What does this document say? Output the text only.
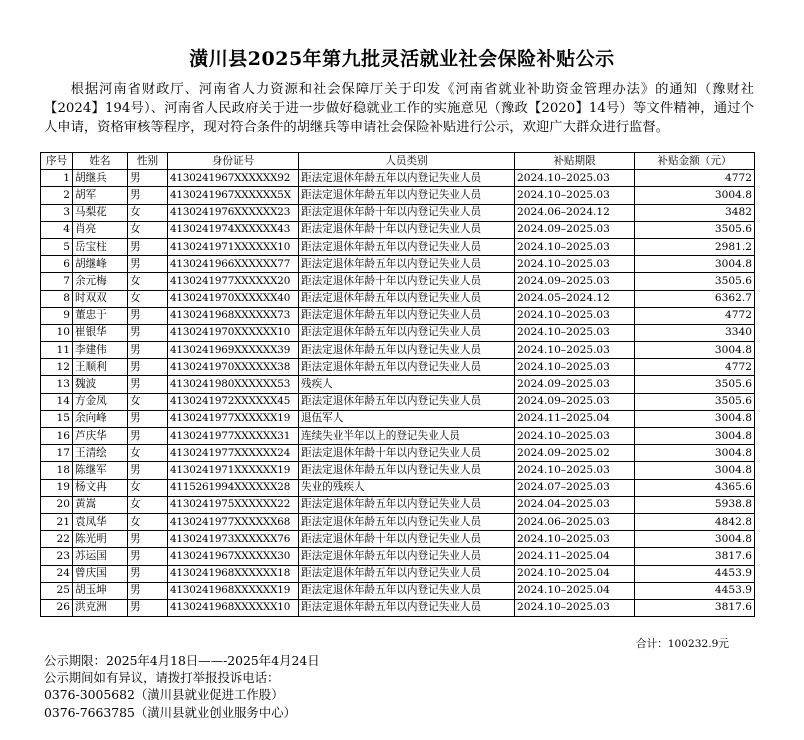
潢川县2025年第九批灵活就业社会保险补贴公示
根据河南省财政厅、河南省人力资源和社会保障厅关于印发《河南省就业补助资金管理办法》的通知（豫财社【2024】194号）、河南省人民政府关于进一步做好稳就业工作的实施意见（豫政【2020】14号）等文件精神，通过个人申请，资格审核等程序，现对符合条件的胡继兵等申请社会保险补贴进行公示，欢迎广大群众进行监督。
序号	姓名	性别	身份证号	人员类别	补贴期限	补贴金额（元）
1	胡继兵	男	4130241967XXXXXX92	距法定退休年龄五年以内登记失业人员	2024.10–2025.03	4772
2	胡军	男	4130241967XXXXXX5X	距法定退休年龄五年以内登记失业人员	2024.10–2025.03	3004.8
3	马梨花	女	4130241976XXXXXX23	距法定退休年龄十年以内登记失业人员	2024.06–2024.12	3482
4	肖亮	女	4130241974XXXXXX43	距法定退休年龄十年以内登记失业人员	2024.09–2025.03	3505.6
5	岳宝柱	男	4130241971XXXXXX10	距法定退休年龄五年以内登记失业人员	2024.10–2025.03	2981.2
6	胡继峰	男	4130241966XXXXXX77	距法定退休年龄五年以内登记失业人员	2024.10–2025.03	3004.8
7	余元梅	女	4130241977XXXXXX20	距法定退休年龄十年以内登记失业人员	2024.09–2025.03	3505.6
8	时双双	女	4130241970XXXXXX40	距法定退休年龄五年以内登记失业人员	2024.05–2024.12	6362.7
9	董忠于	男	4130241968XXXXXX73	距法定退休年龄五年以内登记失业人员	2024.10–2025.03	4772
10	崔银华	男	4130241970XXXXXX10	距法定退休年龄五年以内登记失业人员	2024.10–2025.03	3340
11	李建伟	男	4130241969XXXXXX39	距法定退休年龄五年以内登记失业人员	2024.10–2025.03	3004.8
12	王顺利	男	4130241970XXXXXX38	距法定退休年龄五年以内登记失业人员	2024.10–2025.03	4772
13	魏波	男	4130241980XXXXXX53	残疾人	2024.09–2025.03	3505.6
14	方金凤	女	4130241972XXXXXX45	距法定退休年龄五年以内登记失业人员	2024.09–2025.03	3505.6
15	余向峰	男	4130241977XXXXXX19	退伍军人	2024.11–2025.04	3004.8
16	芦庆华	男	4130241977XXXXXX31	连续失业半年以上的登记失业人员	2024.10–2025.03	3004.8
17	王清绘	女	4130241977XXXXXX24	距法定退休年龄十年以内登记失业人员	2024.09–2025.02	3004.8
18	陈继军	男	4130241971XXXXXX19	距法定退休年龄五年以内登记失业人员	2024.10–2025.03	3004.8
19	杨文冉	女	4115261994XXXXXX28	失业的残疾人	2024.07–2025.03	4365.6
20	黄嵩	女	4130241975XXXXXX22	距法定退休年龄五年以内登记失业人员	2024.04–2025.03	5938.8
21	袁凤华	女	4130241977XXXXXX68	距法定退休年龄五年以内登记失业人员	2024.06–2025.03	4842.8
22	陈光明	男	4130241973XXXXXX76	距法定退休年龄十年以内登记失业人员	2024.10–2025.03	3004.8
23	苏运国	男	4130241967XXXXXX30	距法定退休年龄五年以内登记失业人员	2024.11–2025.04	3817.6
24	曾庆国	男	4130241968XXXXXX18	距法定退休年龄五年以内登记失业人员	2024.10–2025.04	4453.9
25	胡玉坤	男	4130241968XXXXXX19	距法定退休年龄五年以内登记失业人员	2024.10–2025.04	4453.9
26	洪克洲	男	4130241968XXXXXX10	距法定退休年龄五年以内登记失业人员	2024.10–2025.03	3817.6
合计：100232.9元
公示期限：2025年4月18日——-2025年4月24日
公示期间如有异议，请拨打举报投诉电话：
0376-3005682（潢川县就业促进工作股）
0376-7663785（潢川县就业创业服务中心）
